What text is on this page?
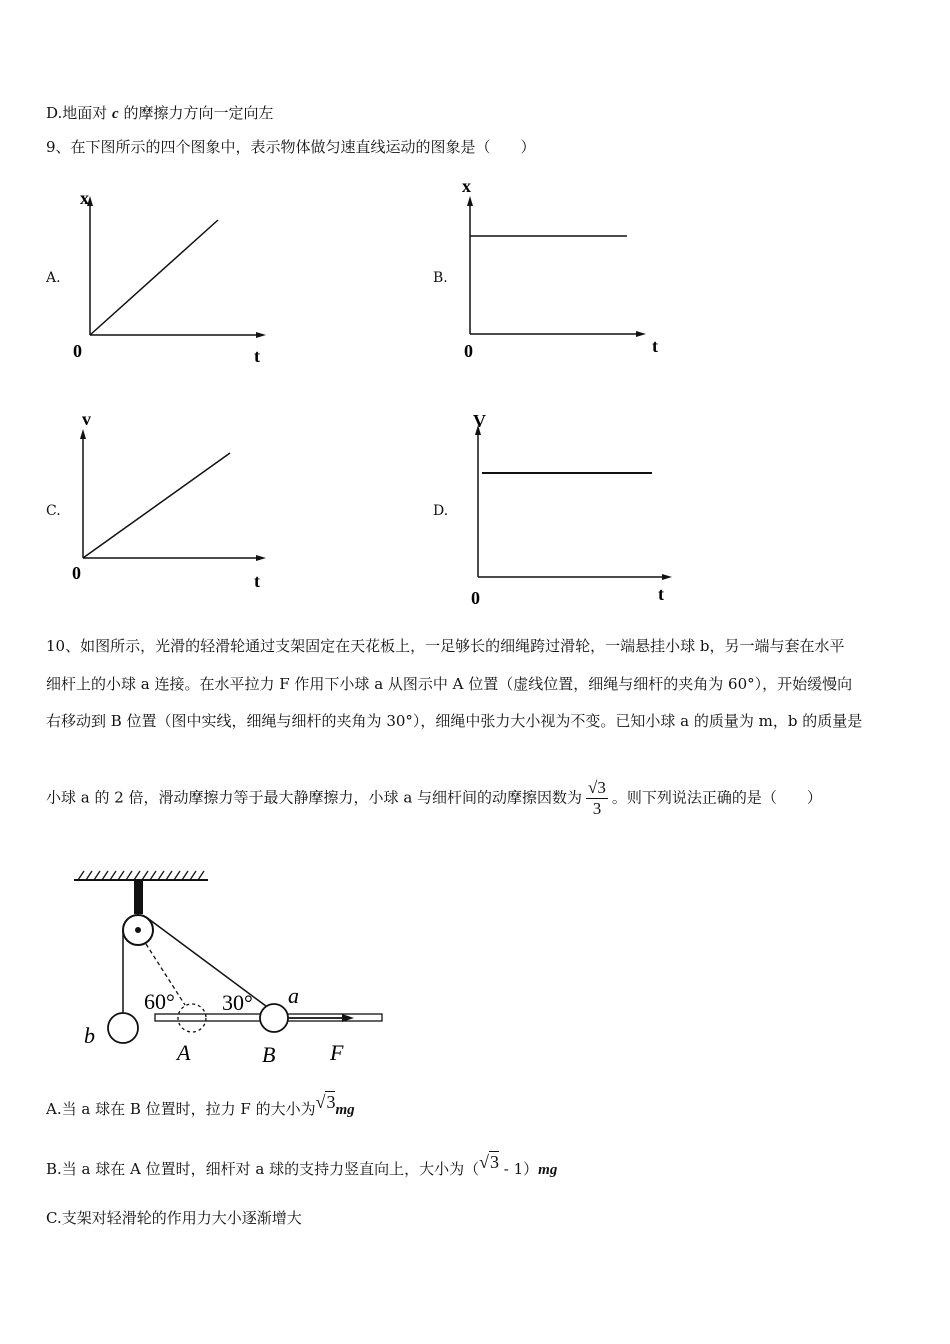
D.地面对 c 的摩擦力方向一定向左
9、在下图所示的四个图象中，表示物体做匀速直线运动的图象是（　　）
A.
x
0	t
B.
x
0	t
C.
v
0	t
D.
V
0	t
10、如图所示，光滑的轻滑轮通过支架固定在天花板上，一足够长的细绳跨过滑轮，一端悬挂小球 b，另一端与套在水平
细杆上的小球 a 连接。在水平拉力 F 作用下小球 a 从图示中 A 位置（虚线位置，细绳与细杆的夹角为 60°），开始缓慢向
右移动到 B 位置（图中实线，细绳与细杆的夹角为 30°），细绳中张力大小视为不变。已知小球 a 的质量为 m，b 的质量是
小球 a 的 2 倍，滑动摩擦力等于最大静摩擦力，小球 a 与细杆间的动摩擦因数为 $\frac{√3}{3}$ 。则下列说法正确的是（　　）
60° 30° a
b
A	B F
A.当 a 球在 B 位置时，拉力 F 的大小为√3mg
B.当 a 球在 A 位置时，细杆对 a 球的支持力竖直向上，大小为（√3 - 1）mg
C.支架对轻滑轮的作用力大小逐渐增大
